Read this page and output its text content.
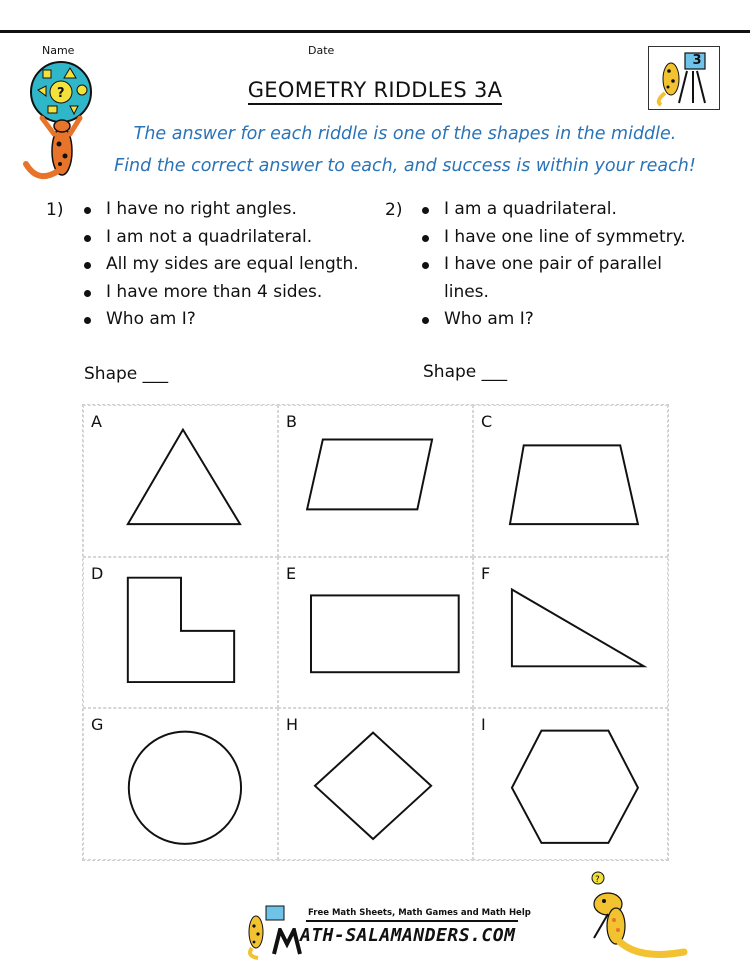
Name	Date
?
3
GEOMETRY RIDDLES 3A
The answer for each riddle is one of the shapes in the middle.
Find the correct answer to each, and success is within your reach!
1)	I have no right angles.
I am not a quadrilateral.
All my sides are equal length.
I have more than 4 sides.
Who am I?
Shape ___
2)	I am a quadrilateral.
I have one line of symmetry.
I have one pair of parallel
lines.
Who am I?
Shape ___
A	B	C
D	E	F
G	H	I
Free Math Sheets, Math Games and Math Help
ATH-SALAMANDERS.COM
?
